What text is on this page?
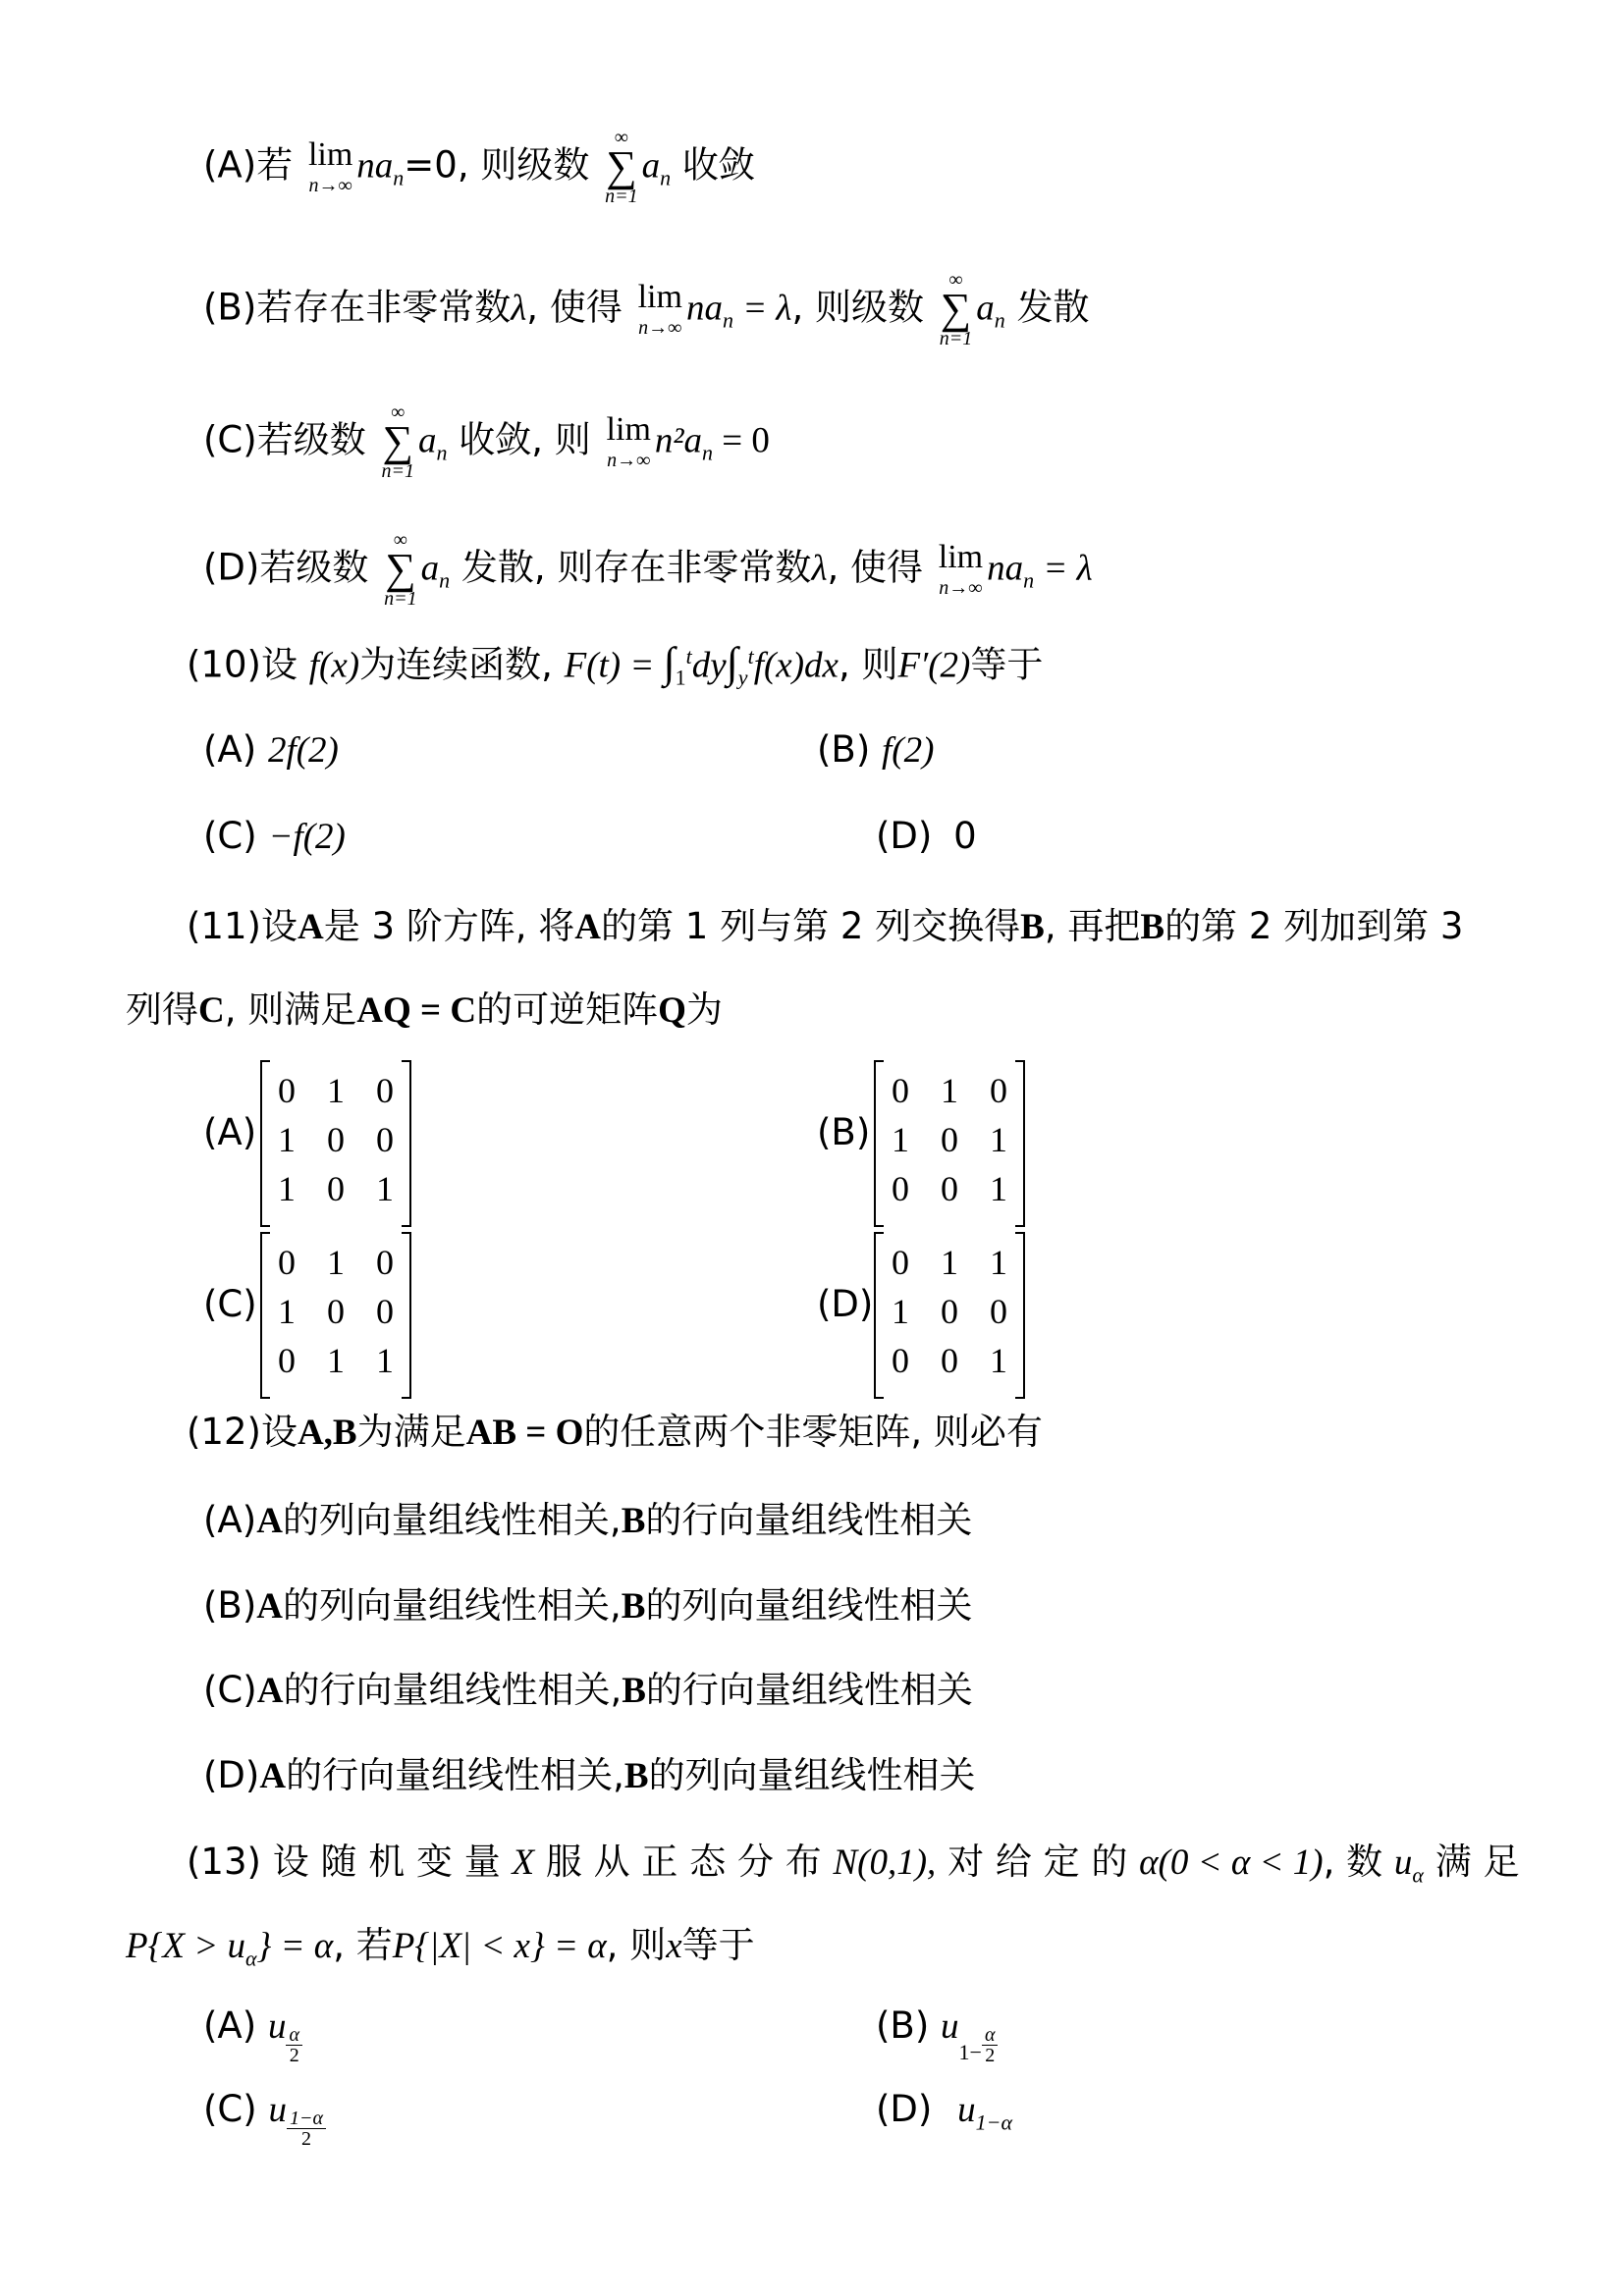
(A)若 lim
n→∞ $na_n=0$, 则级数
∞
∑
n=1
$a_n$ 收敛
(B)若存在非零常数λ, 使得 lim
n→∞ $na_n = \lambda$, 则级数
∞
∑
n=1
$a_n$ 发散
(C)若级数
∞
∑
n=1
$a_n$ 收敛, 则 lim
n→∞ $n^2a_n = 0$
(D)若级数
∞
∑
n=1
$a_n$ 发散, 则存在非零常数λ, 使得 lim
n→∞ $na_n = \lambda$
(10)设 f(x)为连续函数, $F(t) = \int_1^tdy\int_y^tf(x)dx$, 则F′(2)等于
(A) 2f(2)	(B) f(2)
(C) −f(2)	(D) 0
(11)设A是 3 阶方阵, 将A的第 1 列与第 2 列交换得B, 再把B的第 2 列加到第 3
列得C, 则满足AQ = C的可逆矩阵Q为
(A)
0 1 0
1 0 0
1 0 1
(B)
0 1 0
1 0 1
0 0 1
(C)
0 1 0
1 0 0
0 1 1
(D)
0 1 1
1 0 0
0 0 1
(12)设A,B为满足AB = O的任意两个非零矩阵, 则必有
(A)A的列向量组线性相关,B的行向量组线性相关
(B)A的列向量组线性相关,B的列向量组线性相关
(C)A的行向量组线性相关,B的行向量组线性相关
(D)A的行向量组线性相关,B的列向量组线性相关
(13) 设 随 机 变 量 X 服 从 正 态 分 布 N(0,1), 对 给 定 的 α(0 < α < 1), 数 $u_\alpha$ 满 足
$P\{X > u_\alpha\} = \alpha$, 若P{|X| < x} = α, 则x等于
(A) u $\frac{\alpha}{2}$	(B) $u_{1-} \frac{\alpha}{2}$
(C) u $\frac{1-\alpha}{2}$	(D) $u_{1-\alpha}$
